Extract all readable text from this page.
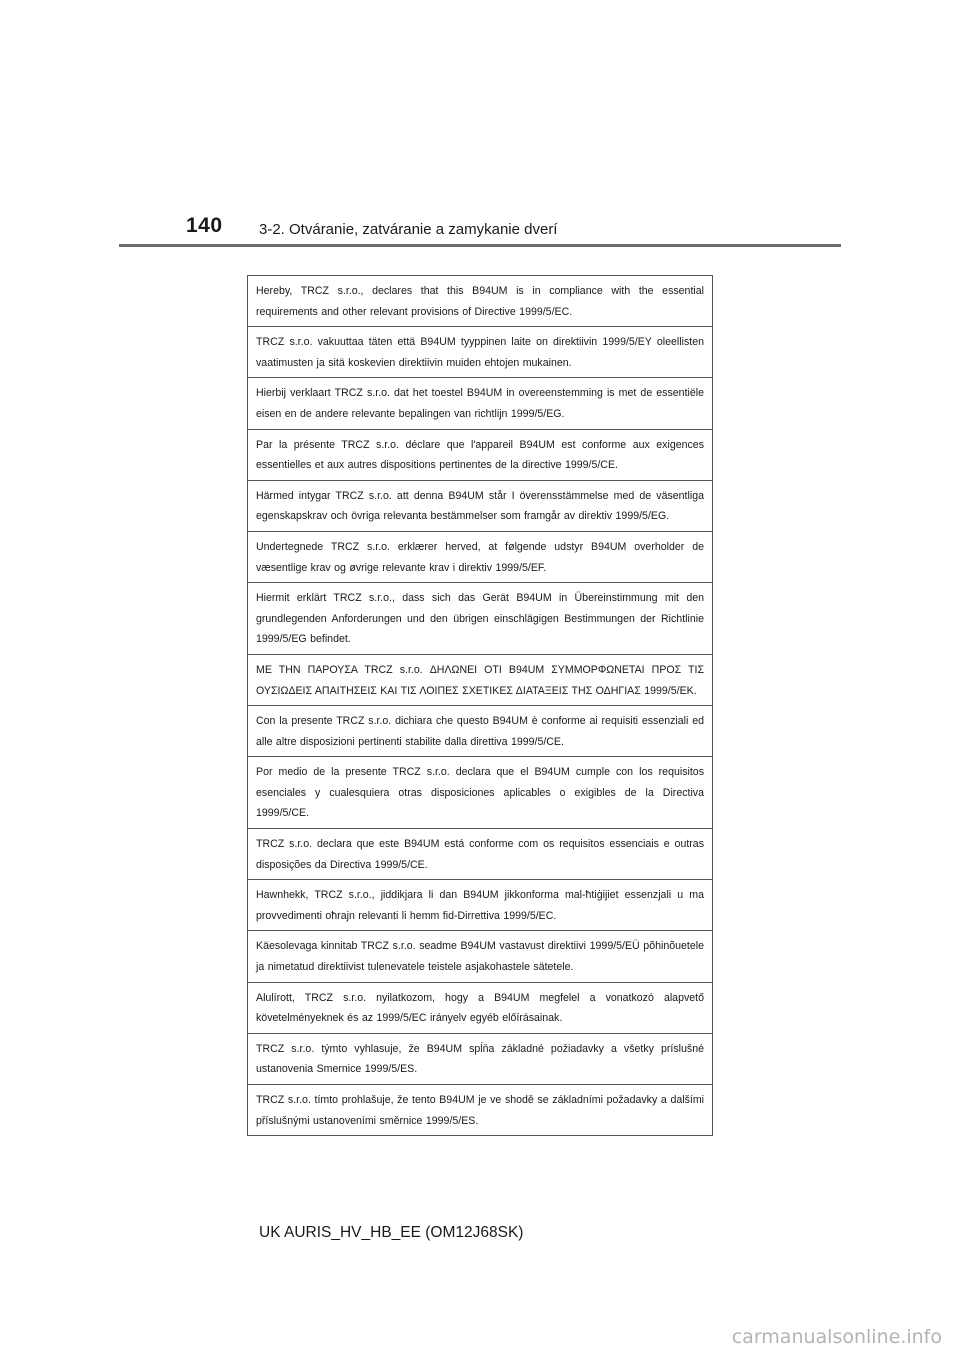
140 3-2. Otváranie, zatváranie a zamykanie dverí
Hereby, TRCZ s.r.o., declares that this B94UM is in compliance with the essential requirements and other relevant provisions of Directive 1999/5/EC.
TRCZ s.r.o. vakuuttaa täten että B94UM tyyppinen laite on direktiivin 1999/5/EY oleellisten vaatimusten ja sitä koskevien direktiivin muiden ehtojen mukainen.
Hierbij verklaart TRCZ s.r.o. dat het toestel B94UM in overeenstemming is met de essentiële eisen en de andere relevante bepalingen van richtlijn 1999/5/EG.
Par la présente TRCZ s.r.o. déclare que l'appareil B94UM est conforme aux exigences essentielles et aux autres dispositions pertinentes de la directive 1999/5/CE.
Härmed intygar TRCZ s.r.o. att denna B94UM står I överensstämmelse med de väsentliga egenskapskrav och övriga relevanta bestämmelser som framgår av direktiv 1999/5/EG.
Undertegnede TRCZ s.r.o. erklærer herved, at følgende udstyr B94UM overholder de væsentlige krav og øvrige relevante krav i direktiv 1999/5/EF.
Hiermit erklärt TRCZ s.r.o., dass sich das Gerät B94UM in Übereinstimmung mit den grundlegenden Anforderungen und den übrigen einschlägigen Bestimmungen der Richtlinie 1999/5/EG befindet.
ΜΕ ΤΗΝ ΠΑΡΟΥΣΑ TRCZ s.r.o. ΔΗΛΩΝΕΙ ΟΤΙ B94UM ΣΥΜΜΟΡΦΩΝΕΤΑΙ ΠΡΟΣ ΤΙΣ ΟΥΣΙΩΔΕΙΣ ΑΠΑΙΤΗΣΕΙΣ ΚΑΙ ΤΙΣ ΛΟΙΠΕΣ ΣΧΕΤΙΚΕΣ ΔΙΑΤΑΞΕΙΣ ΤΗΣ ΟΔΗΓΙΑΣ 1999/5/ΕΚ.
Con la presente TRCZ s.r.o. dichiara che questo B94UM è conforme ai requisiti essenziali ed alle altre disposizioni pertinenti stabilite dalla direttiva 1999/5/CE.
Por medio de la presente TRCZ s.r.o. declara que el B94UM cumple con los requisitos esenciales y cualesquiera otras disposiciones aplicables o exigibles de la Directiva 1999/5/CE.
TRCZ s.r.o. declara que este B94UM está conforme com os requisitos essenciais e outras disposições da Directiva 1999/5/CE.
Hawnhekk, TRCZ s.r.o., jiddikjara li dan B94UM jikkonforma mal-ħtiġijiet essenzjali u ma provvedimenti oħrajn relevanti li hemm fid-Dirrettiva 1999/5/EC.
Käesolevaga kinnitab TRCZ s.r.o. seadme B94UM vastavust direktiivi 1999/5/EÜ põhinõuetele ja nimetatud direktiivist tulenevatele teistele asjakohastele sätetele.
Alulírott, TRCZ s.r.o. nyilatkozom, hogy a B94UM megfelel a vonatkozó alapvető követelményeknek és az 1999/5/EC irányelv egyéb előírásainak.
TRCZ s.r.o. týmto vyhlasuje, že B94UM spĺňa základné požiadavky a všetky príslušné ustanovenia Smernice 1999/5/ES.
TRCZ s.r.o. tímto prohlašuje, že tento B94UM je ve shodě se základními požadavky a dalšími příslušnými ustanoveními směrnice 1999/5/ES.
UK AURIS_HV_HB_EE (OM12J68SK)
carmanualsonline.info
